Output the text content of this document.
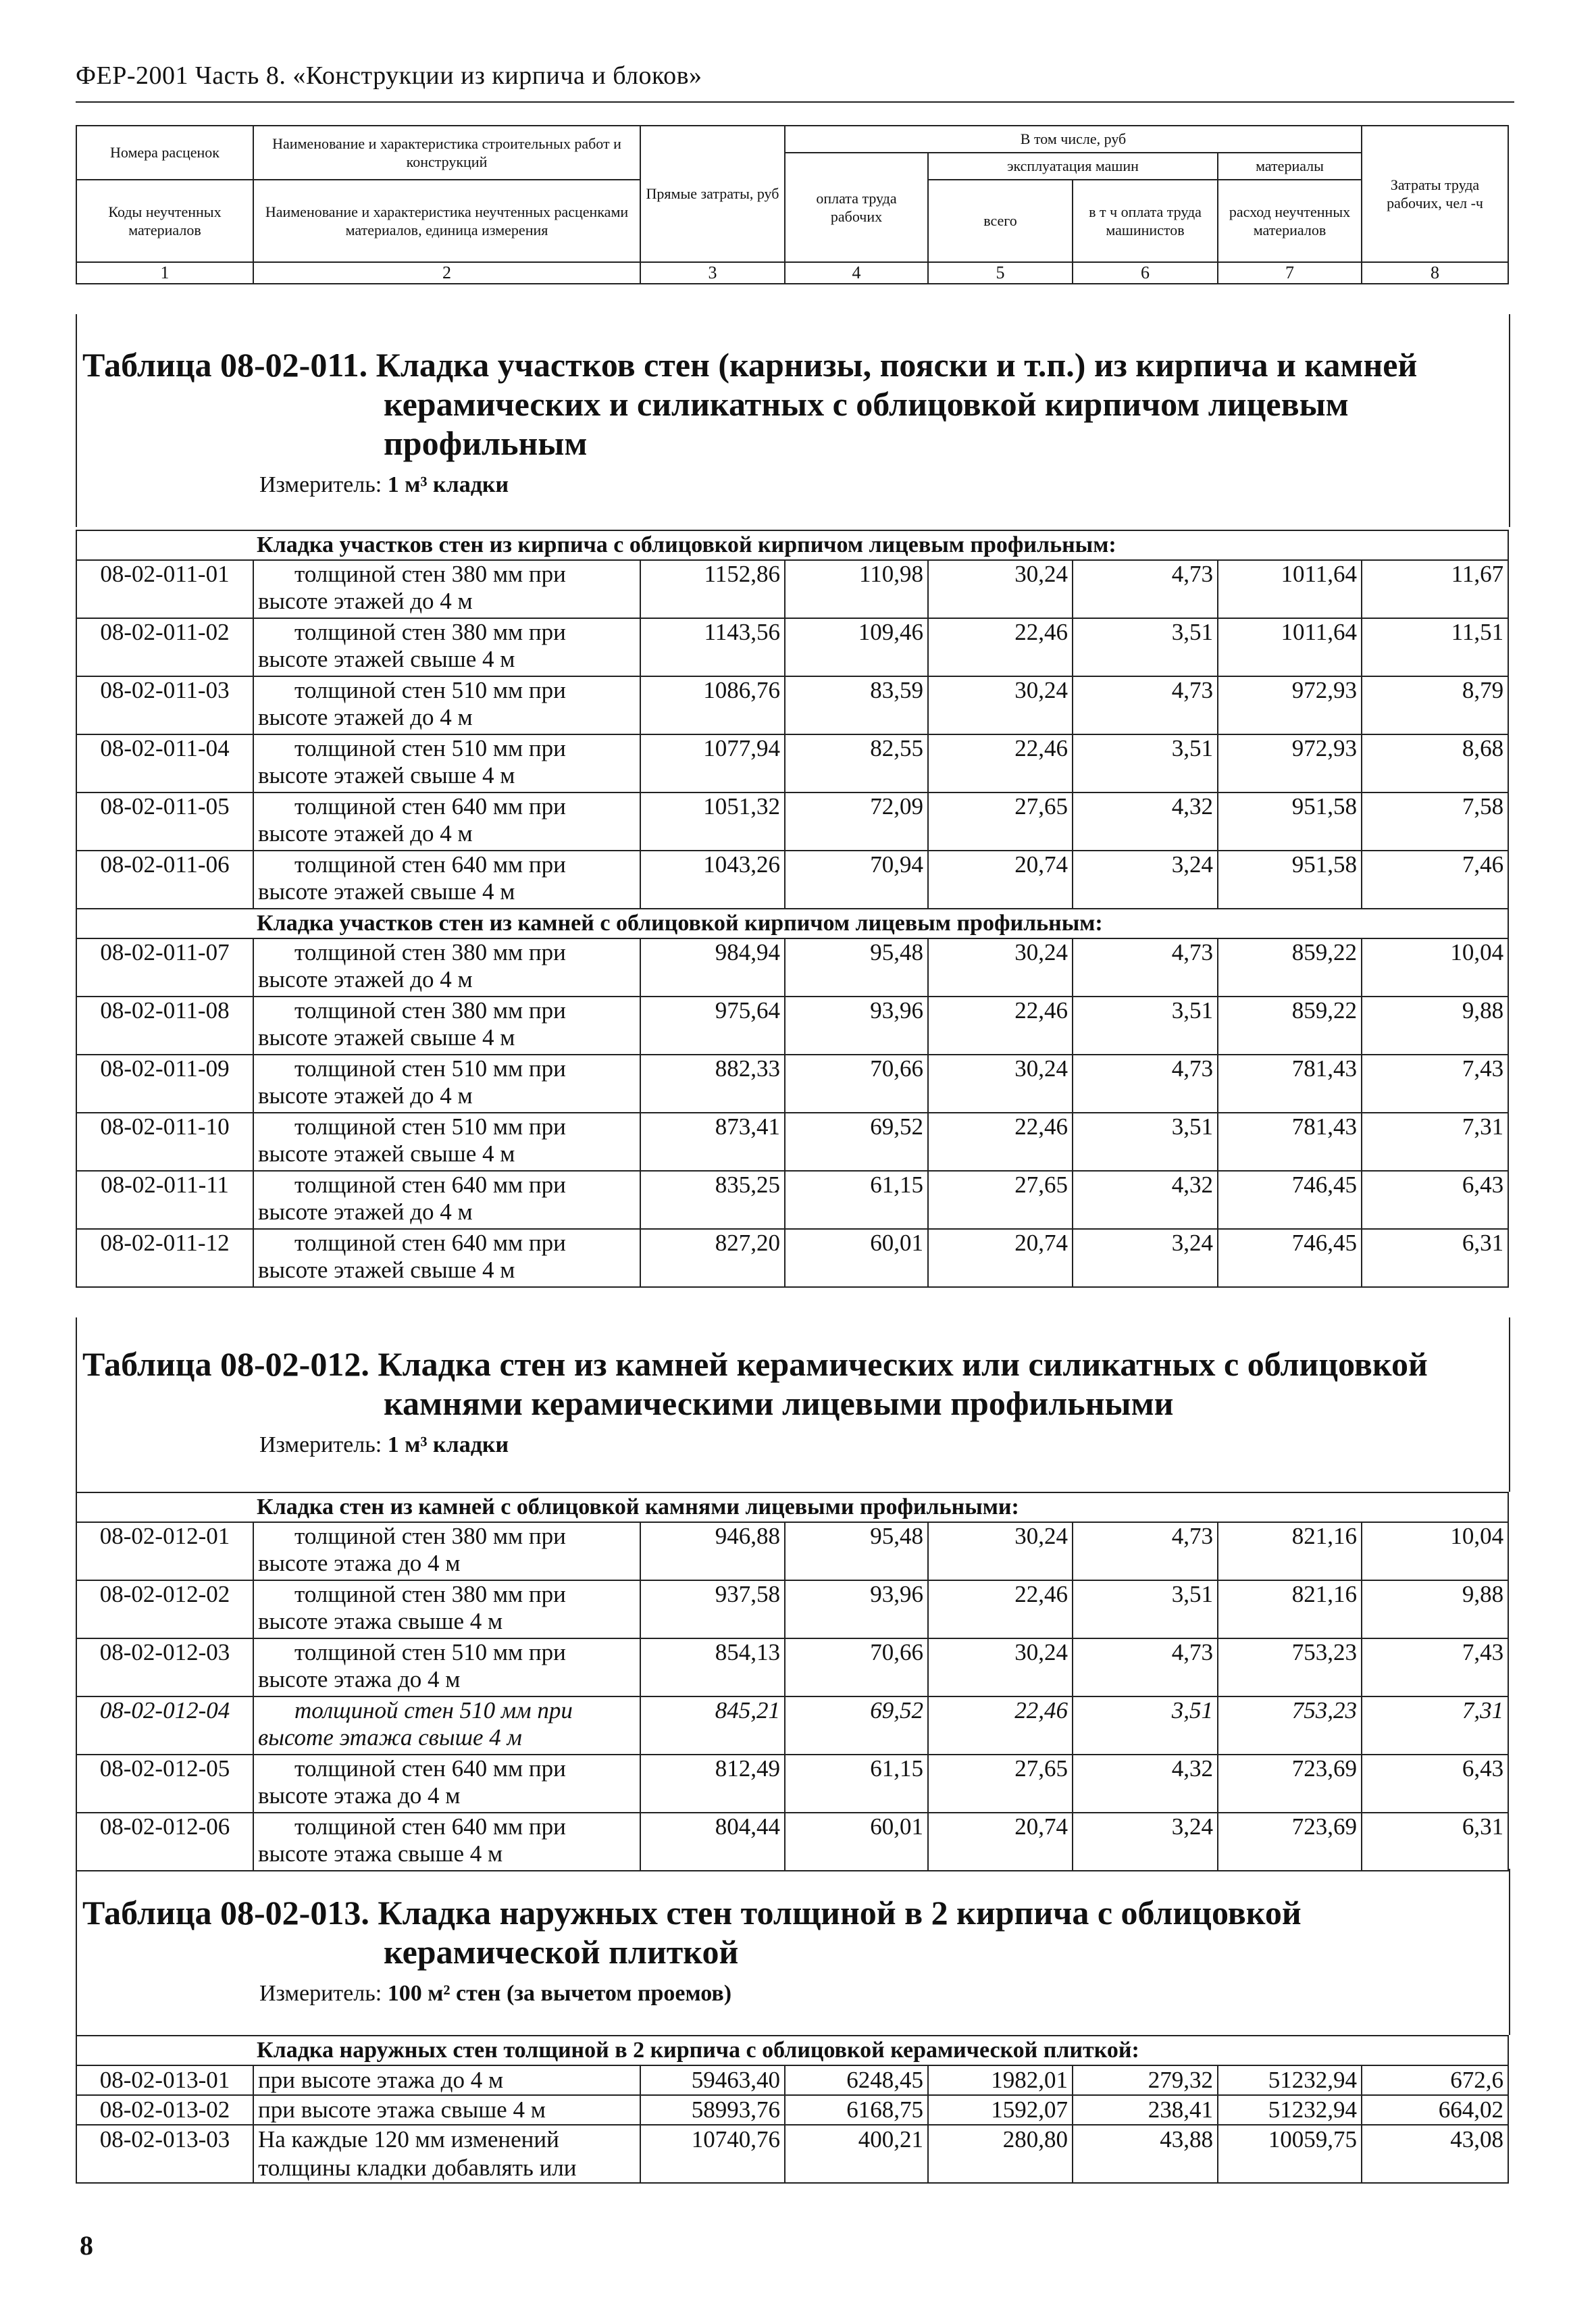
ФЕР-2001 Часть 8. «Конструкции из кирпича и блоков»
Номера расценок	Наименование и характеристика строительных работ и конструкций	Прямые затраты, руб	В том числе, руб				Затраты труда рабочих, чел -ч
			оплата труда рабочих	эксплуатация машин		материалы	
Коды неучтенных материалов	Наименование и характеристика неучтенных расценками материалов, единица измерения			всего	в т ч оплата труда машинистов	расход неучтенных материалов	

1	2	3	4	5	6	7	8
Таблица 08-02-011. Кладка участков стен (карнизы, пояски и т.п.) из кирпича и камней
керамических и силикатных с облицовкой кирпичом лицевым
профильным
Измеритель: 1 м³ кладки
Кладка участков стен из кирпича с облицовкой кирпичом лицевым профильным:							
08-02-011-01	толщиной стен 380 мм при
высоте этажей до 4 м	1152,86	110,98	30,24	4,73	1011,64	11,67
08-02-011-02	толщиной стен 380 мм при
высоте этажей свыше 4 м	1143,56	109,46	22,46	3,51	1011,64	11,51
08-02-011-03	толщиной стен 510 мм при
высоте этажей до 4 м	1086,76	83,59	30,24	4,73	972,93	8,79
08-02-011-04	толщиной стен 510 мм при
высоте этажей свыше 4 м	1077,94	82,55	22,46	3,51	972,93	8,68
08-02-011-05	толщиной стен 640 мм при
высоте этажей до 4 м	1051,32	72,09	27,65	4,32	951,58	7,58
08-02-011-06	толщиной стен 640 мм при
высоте этажей свыше 4 м	1043,26	70,94	20,74	3,24	951,58	7,46
Кладка участков стен из камней с облицовкой кирпичом лицевым профильным:							
08-02-011-07	толщиной стен 380 мм при
высоте этажей до 4 м	984,94	95,48	30,24	4,73	859,22	10,04
08-02-011-08	толщиной стен 380 мм при
высоте этажей свыше 4 м	975,64	93,96	22,46	3,51	859,22	9,88
08-02-011-09	толщиной стен 510 мм при
высоте этажей до 4 м	882,33	70,66	30,24	4,73	781,43	7,43
08-02-011-10	толщиной стен 510 мм при
высоте этажей свыше 4 м	873,41	69,52	22,46	3,51	781,43	7,31
08-02-011-11	толщиной стен 640 мм при
высоте этажей до 4 м	835,25	61,15	27,65	4,32	746,45	6,43
08-02-011-12	толщиной стен 640 мм при
высоте этажей свыше 4 м	827,20	60,01	20,74	3,24	746,45	6,31
Таблица 08-02-012. Кладка стен из камней керамических или силикатных с облицовкой
камнями керамическими лицевыми профильными
Измеритель: 1 м³ кладки
Кладка стен из камней с облицовкой камнями лицевыми профильными:							
08-02-012-01	толщиной стен 380 мм при
высоте этажа до 4 м	946,88	95,48	30,24	4,73	821,16	10,04
08-02-012-02	толщиной стен 380 мм при
высоте этажа свыше 4 м	937,58	93,96	22,46	3,51	821,16	9,88
08-02-012-03	толщиной стен 510 мм при
высоте этажа до 4 м	854,13	70,66	30,24	4,73	753,23	7,43
08-02-012-04	толщиной стен 510 мм при
высоте этажа свыше 4 м	845,21	69,52	22,46	3,51	753,23	7,31
08-02-012-05	толщиной стен 640 мм при
высоте этажа до 4 м	812,49	61,15	27,65	4,32	723,69	6,43
08-02-012-06	толщиной стен 640 мм при
высоте этажа свыше 4 м	804,44	60,01	20,74	3,24	723,69	6,31
Таблица 08-02-013. Кладка наружных стен толщиной в 2 кирпича с облицовкой
керамической плиткой
Измеритель: 100 м² стен (за вычетом проемов)
Кладка наружных стен толщиной в 2 кирпича с облицовкой керамической плиткой:							
08-02-013-01	при высоте этажа до 4 м	59463,40	6248,45	1982,01	279,32	51232,94	672,6
08-02-013-02	при высоте этажа свыше 4 м	58993,76	6168,75	1592,07	238,41	51232,94	664,02
08-02-013-03	На каждые 120 мм изменений
толщины кладки добавлять или	10740,76	400,21	280,80	43,88	10059,75	43,08
8
